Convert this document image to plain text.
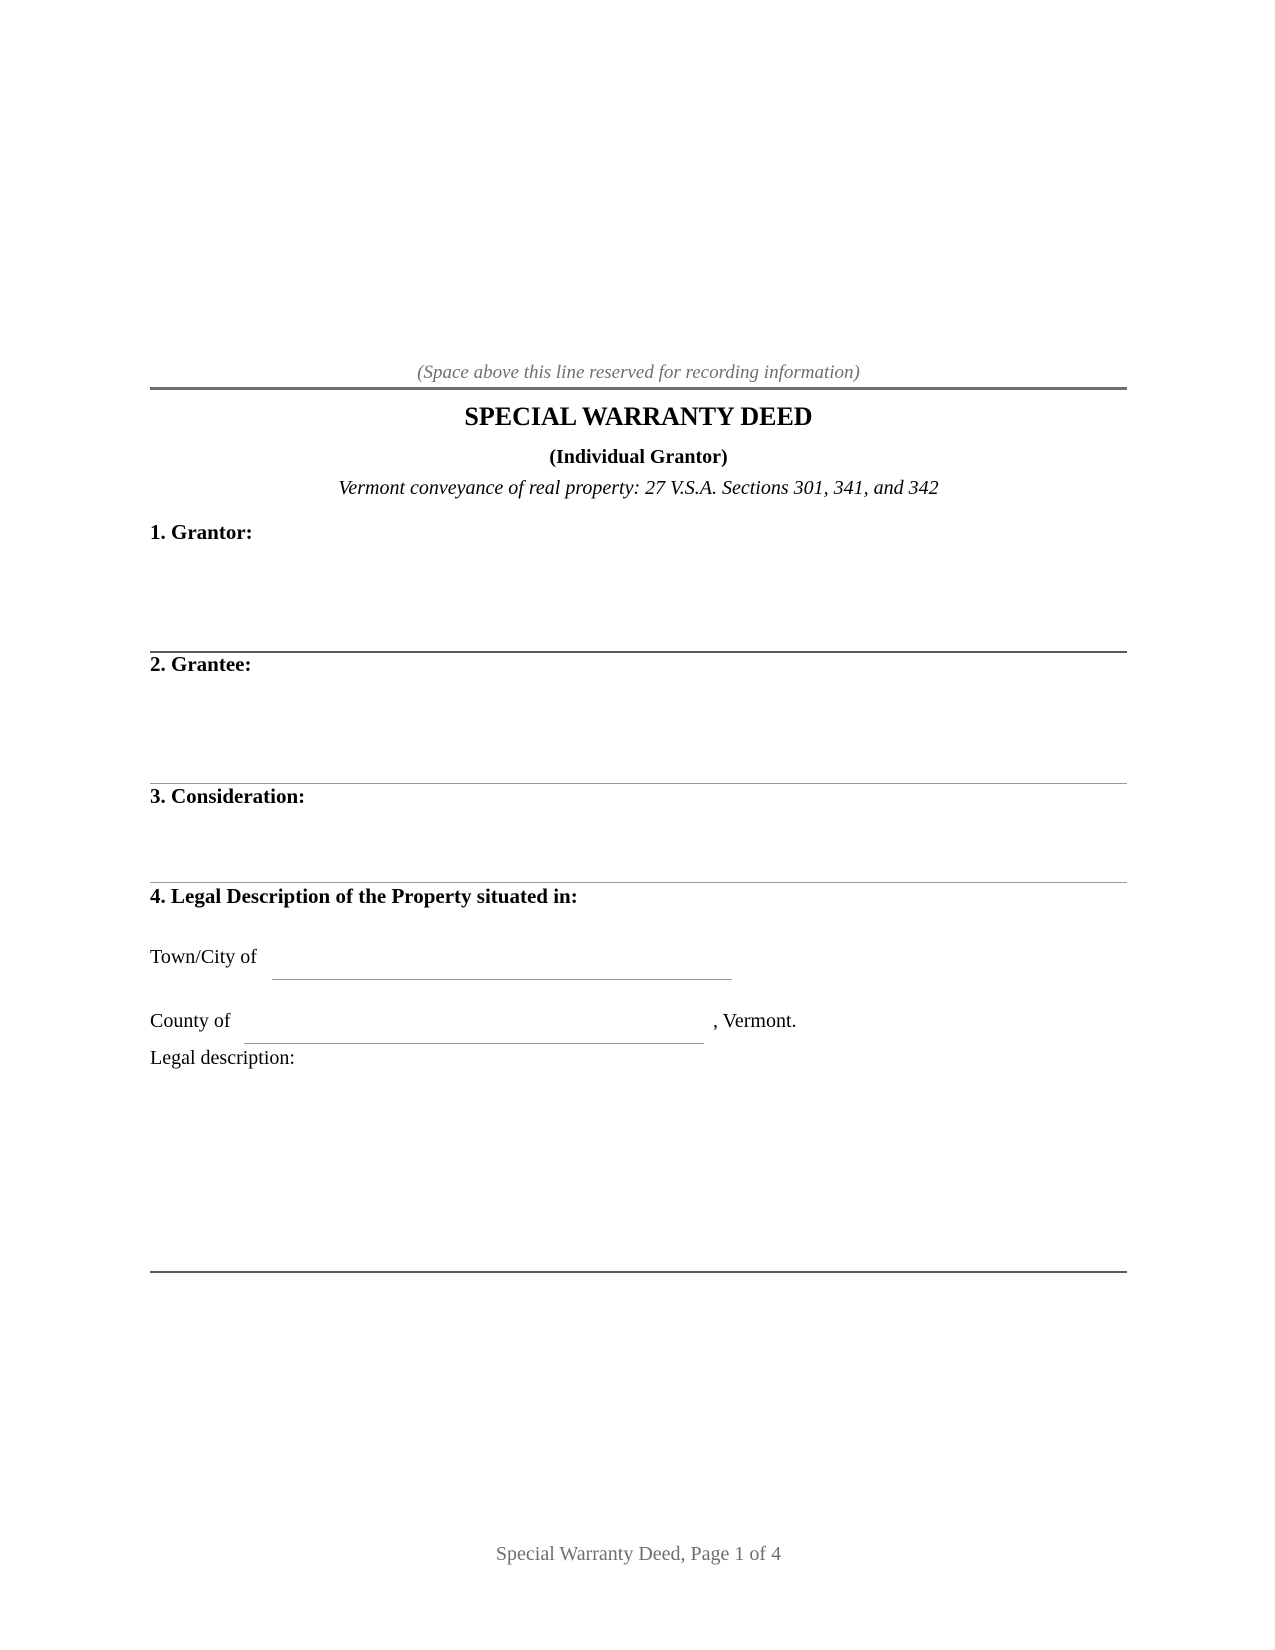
(Space above this line reserved for recording information)
SPECIAL WARRANTY DEED
(Individual Grantor)
Vermont conveyance of real property: 27 V.S.A. Sections 301, 341, and 342
1. Grantor:
2. Grantee:
3. Consideration:
4. Legal Description of the Property situated in:
Town/City of
County of	, Vermont.
Legal description:
Special Warranty Deed, Page 1 of 4
